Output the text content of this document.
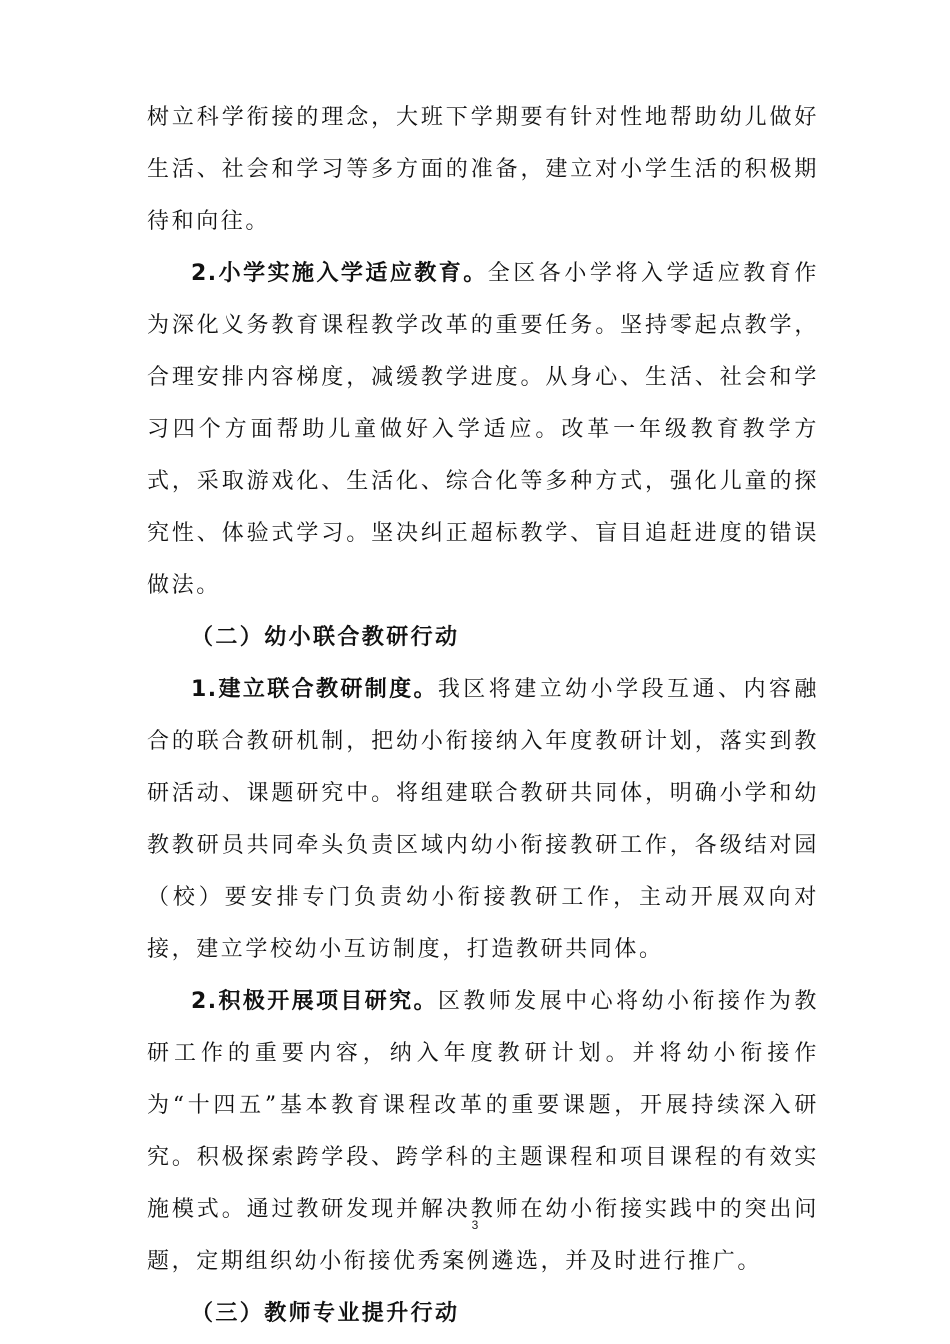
树立科学衔接的理念，大班下学期要有针对性地帮助幼儿做好生活、社会和学习等多方面的准备，建立对小学生活的积极期待和向往。

2.小学实施入学适应教育。全区各小学将入学适应教育作为深化义务教育课程教学改革的重要任务。坚持零起点教学，合理安排内容梯度，减缓教学进度。从身心、生活、社会和学习四个方面帮助儿童做好入学适应。改革一年级教育教学方式，采取游戏化、生活化、综合化等多种方式，强化儿童的探究性、体验式学习。坚决纠正超标教学、盲目追赶进度的错误做法。

（二）幼小联合教研行动

1.建立联合教研制度。我区将建立幼小学段互通、内容融合的联合教研机制，把幼小衔接纳入年度教研计划，落实到教研活动、课题研究中。将组建联合教研共同体，明确小学和幼教教研员共同牵头负责区域内幼小衔接教研工作，各级结对园（校）要安排专门负责幼小衔接教研工作，主动开展双向对接，建立学校幼小互访制度，打造教研共同体。

2.积极开展项目研究。区教师发展中心将幼小衔接作为教研工作的重要内容，纳入年度教研计划。并将幼小衔接作为“十四五”基本教育课程改革的重要课题，开展持续深入研究。积极探索跨学段、跨学科的主题课程和项目课程的有效实施模式。通过教研发现并解决教师在幼小衔接实践中的突出问题，定期组织幼小衔接优秀案例遴选，并及时进行推广。

（三）教师专业提升行动

3
